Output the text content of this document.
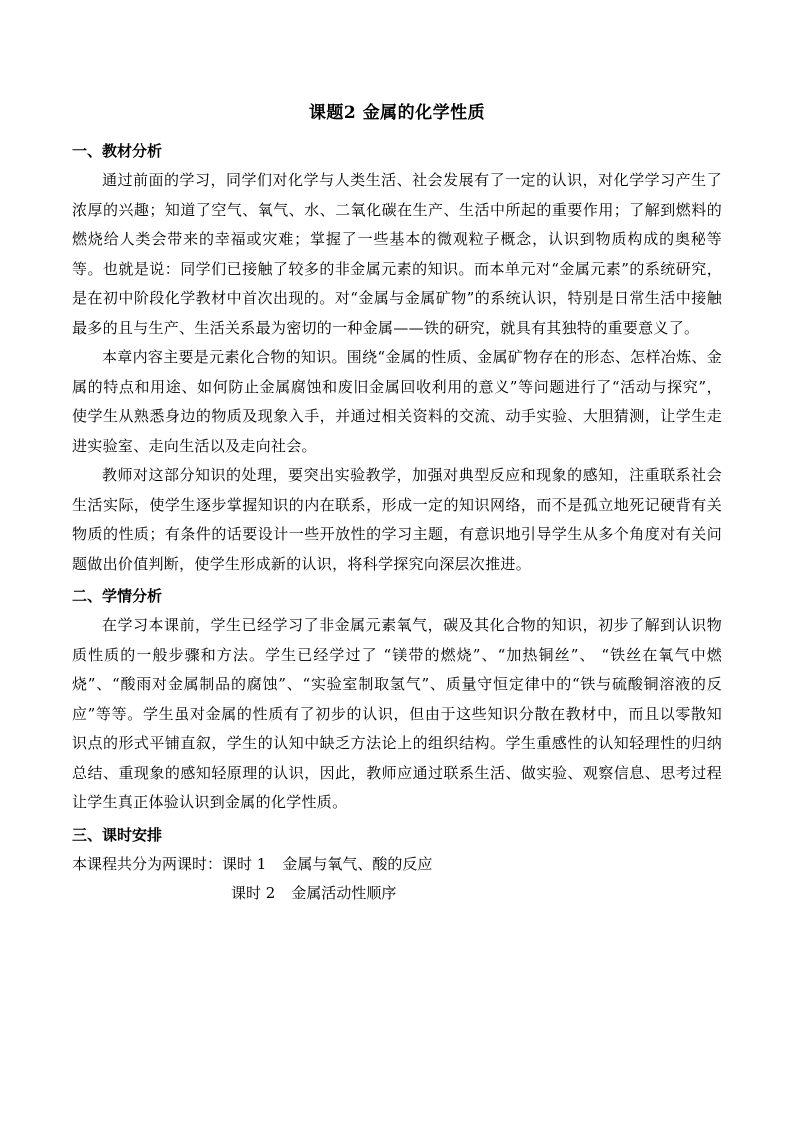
课题2 金属的化学性质
一、教材分析

通过前面的学习，同学们对化学与人类生活、社会发展有了一定的认识，对化学学习产生了浓厚的兴趣；知道了空气、氧气、水、二氧化碳在生产、生活中所起的重要作用；了解到燃料的燃烧给人类会带来的幸福或灾难；掌握了一些基本的微观粒子概念，认识到物质构成的奥秘等等。也就是说：同学们已接触了较多的非金属元素的知识。而本单元对“金属元素”的系统研究，是在初中阶段化学教材中首次出现的。对“金属与金属矿物”的系统认识，特别是日常生活中接触最多的且与生产、生活关系最为密切的一种金属——铁的研究，就具有其独特的重要意义了。

本章内容主要是元素化合物的知识。围绕“金属的性质、金属矿物存在的形态、怎样冶炼、金属的特点和用途、如何防止金属腐蚀和废旧金属回收利用的意义”等问题进行了“活动与探究”，使学生从熟悉身边的物质及现象入手，并通过相关资料的交流、动手实验、大胆猜测，让学生走进实验室、走向生活以及走向社会。

教师对这部分知识的处理，要突出实验教学，加强对典型反应和现象的感知，注重联系社会生活实际，使学生逐步掌握知识的内在联系，形成一定的知识网络，而不是孤立地死记硬背有关物质的性质；有条件的话要设计一些开放性的学习主题，有意识地引导学生从多个角度对有关问题做出价值判断，使学生形成新的认识，将科学探究向深层次推进。

二、学情分析

在学习本课前，学生已经学习了非金属元素氧气，碳及其化合物的知识，初步了解到认识物质性质的一般步骤和方法。学生已经学过了 “镁带的燃烧”、“加热铜丝”、 “铁丝在氧气中燃烧”、“酸雨对金属制品的腐蚀”、“实验室制取氢气”、质量守恒定律中的“铁与硫酸铜溶液的反应”等等。学生虽对金属的性质有了初步的认识，但由于这些知识分散在教材中，而且以零散知识点的形式平铺直叙，学生的认知中缺乏方法论上的组织结构。学生重感性的认知轻理性的归纳总结、重现象的感知轻原理的认识，因此，教师应通过联系生活、做实验、观察信息、思考过程让学生真正体验认识到金属的化学性质。

三、课时安排
本课程共分为两课时：课时 1 金属与氧气、酸的反应
课时 2 金属活动性顺序
